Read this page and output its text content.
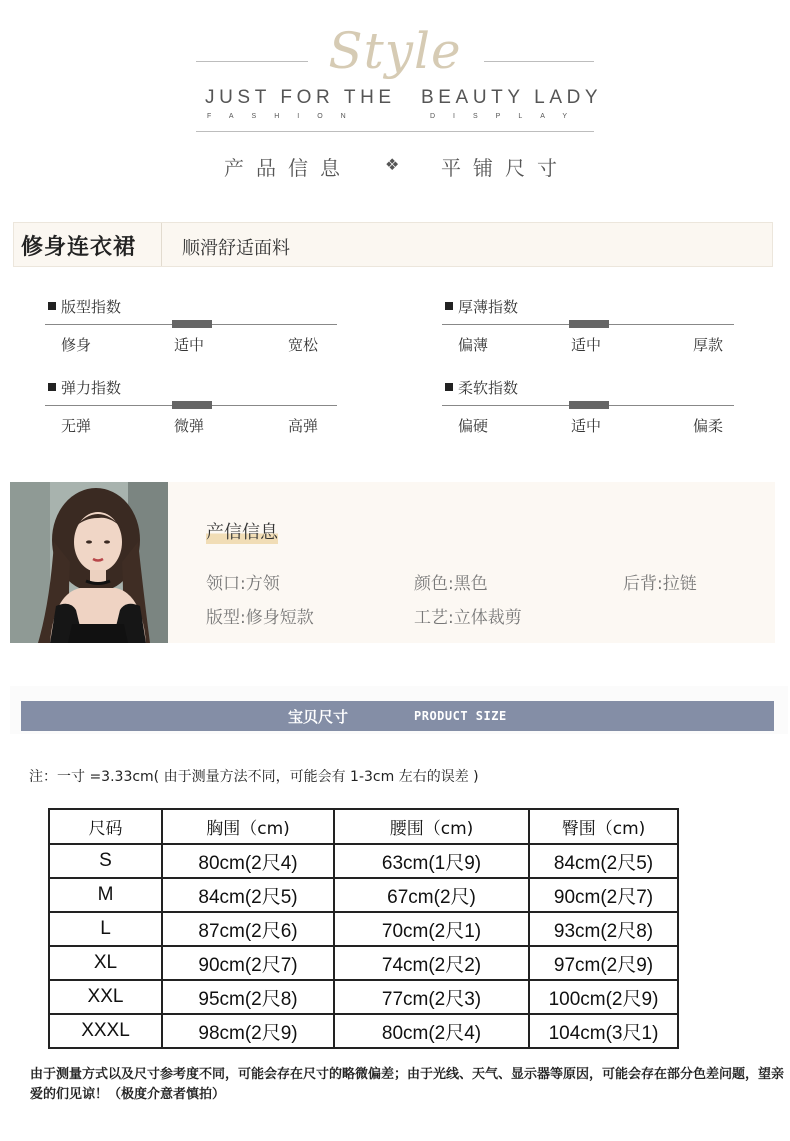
Style
JUST FOR THE BEAUTY LADY
FASHION	DISPLAY
产品信息 ❖ 平铺尺寸
修身连衣裙	顺滑舒适面料
版型指数
修身	适中	宽松
厚薄指数
偏薄	适中	厚款
弹力指数
无弹	微弹	高弹
柔软指数
偏硬	适中	偏柔
产信信息
领口:方领	颜色:黑色	后背:拉链
版型:修身短款	工艺:立体裁剪
宝贝尺寸	PRODUCT SIZE
注：一寸 =3.33cm( 由于测量方法不同，可能会有 1-3cm 左右的误差 )
尺码	胸围（cm)	腰围（cm)	臀围（cm)
S	80cm(2尺4)	63cm(1尺9)	84cm(2尺5)
M	84cm(2尺5)	67cm(2尺)	90cm(2尺7)
L	87cm(2尺6)	70cm(2尺1)	93cm(2尺8)
XL	90cm(2尺7)	74cm(2尺2)	97cm(2尺9)
XXL	95cm(2尺8)	77cm(2尺3)	100cm(2尺9)
XXXL	98cm(2尺9)	80cm(2尺4)	104cm(3尺1)
由于测量方式以及尺寸参考度不同，可能会存在尺寸的略微偏差；由于光线、天气、显示器等原因，可能会存在部分色差问题，望亲爱的们见谅！（极度介意者慎拍）
